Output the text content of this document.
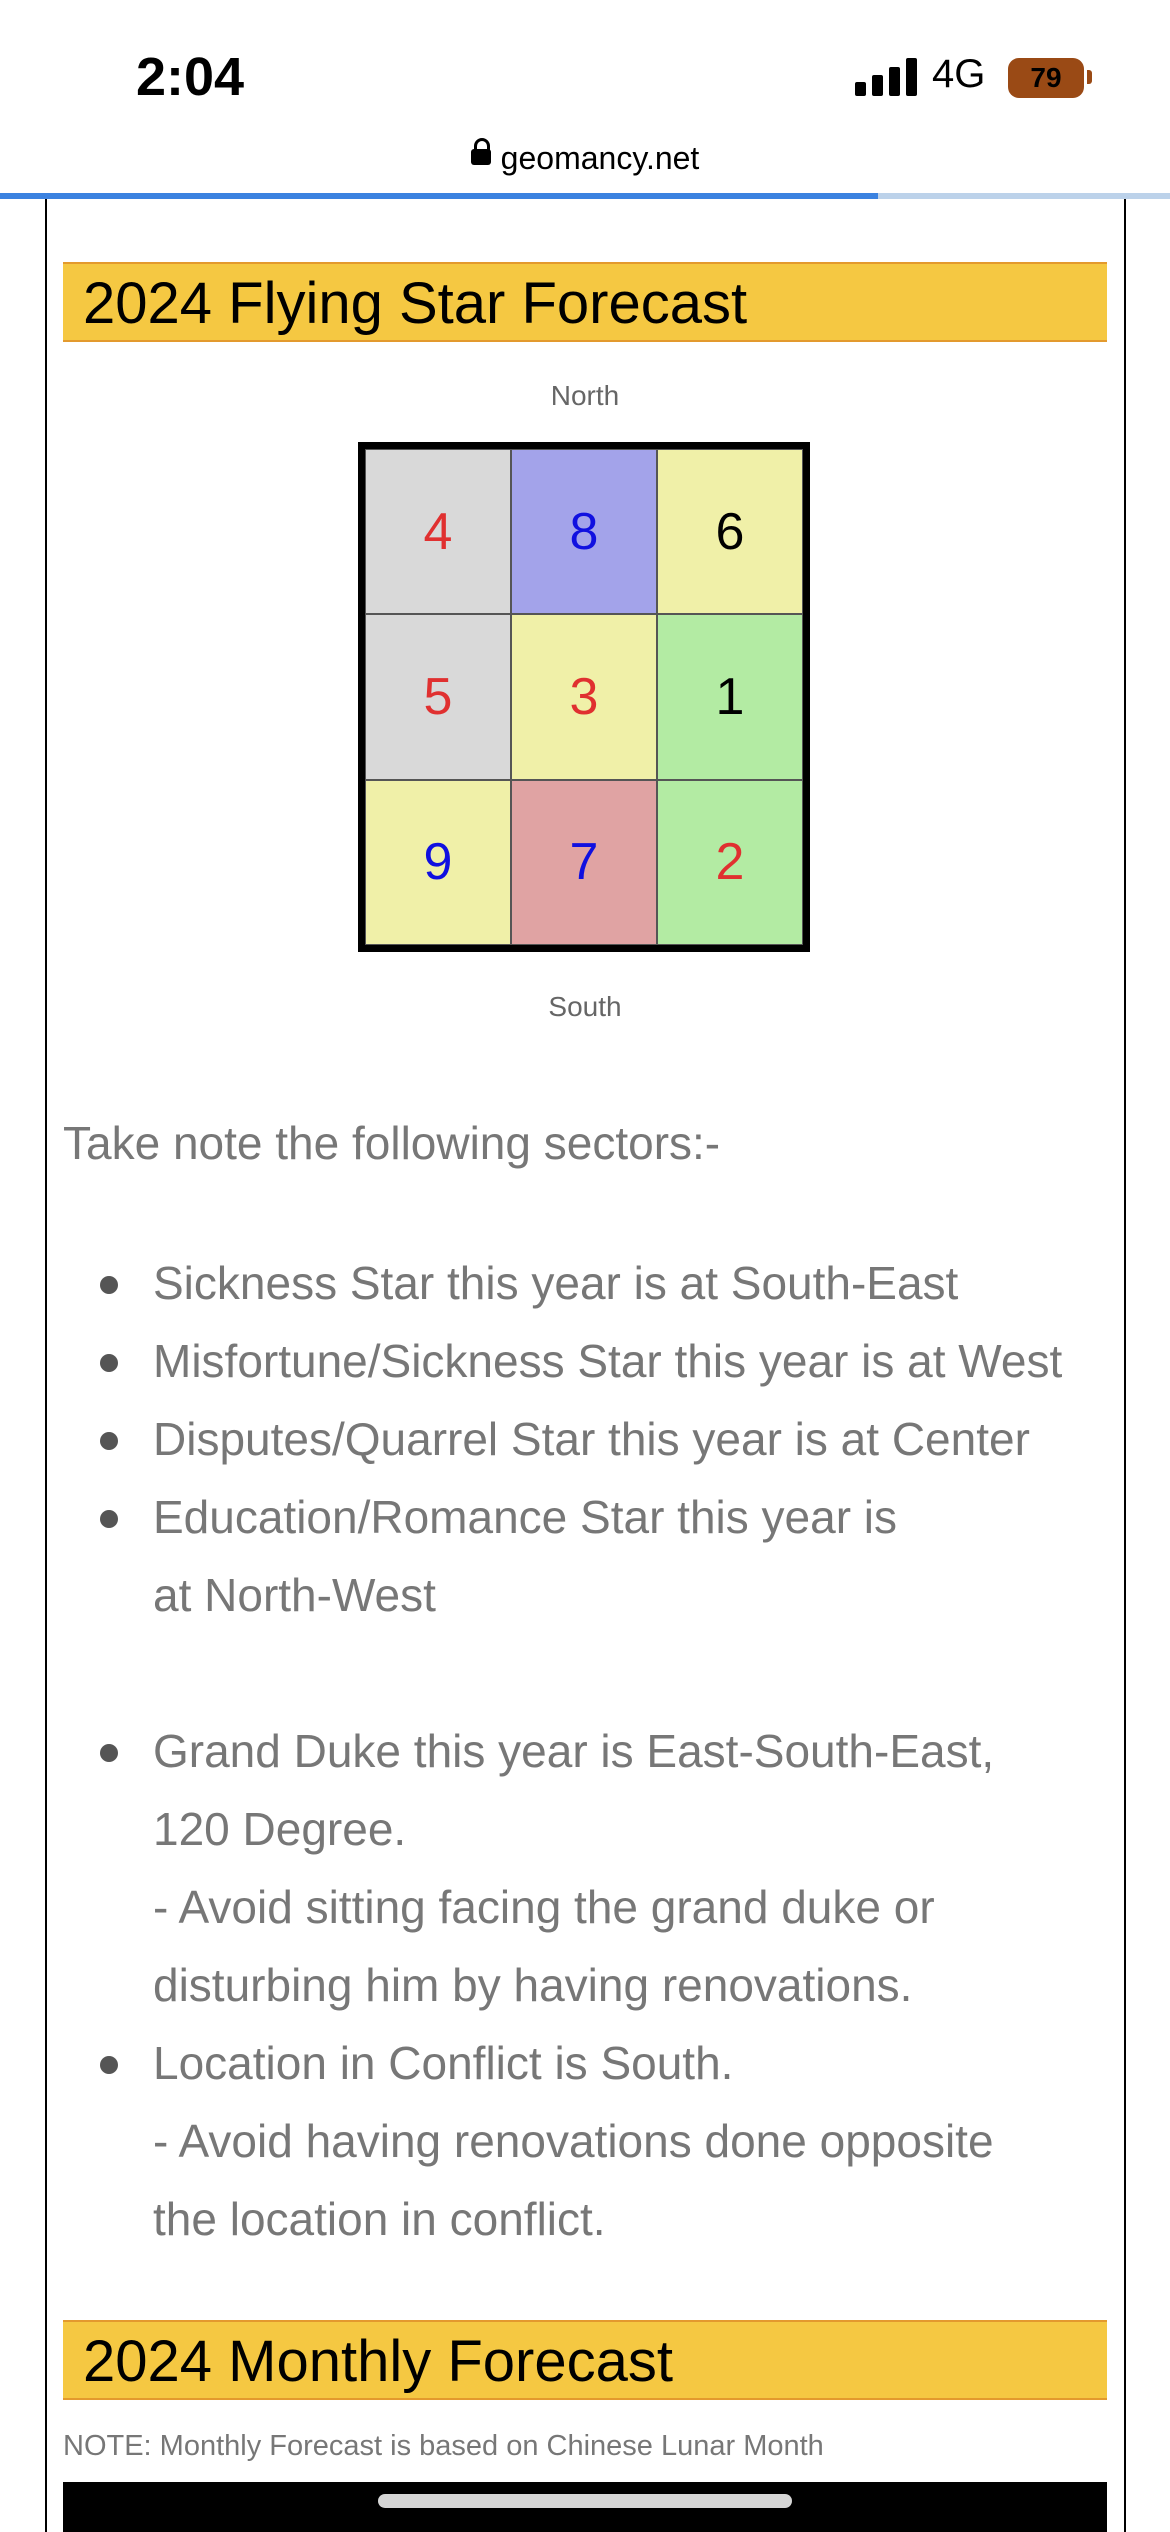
2:04	4G	79
geomancy.net
2024 Flying Star Forecast
North
4	8	6
5	3	1
9	7	2
South
Take note the following sectors:-
Sickness Star this year is at South-East
Misfortune/Sickness Star this year is at West
Disputes/Quarrel Star this year is at Center
Education/Romance Star this year is
at North-West
Grand Duke this year is East-South-East,
120 Degree.
- Avoid sitting facing the grand duke or
disturbing him by having renovations.
Location in Conflict is South.
- Avoid having renovations done opposite
the location in conflict.
2024 Monthly Forecast
NOTE: Monthly Forecast is based on Chinese Lunar Month
